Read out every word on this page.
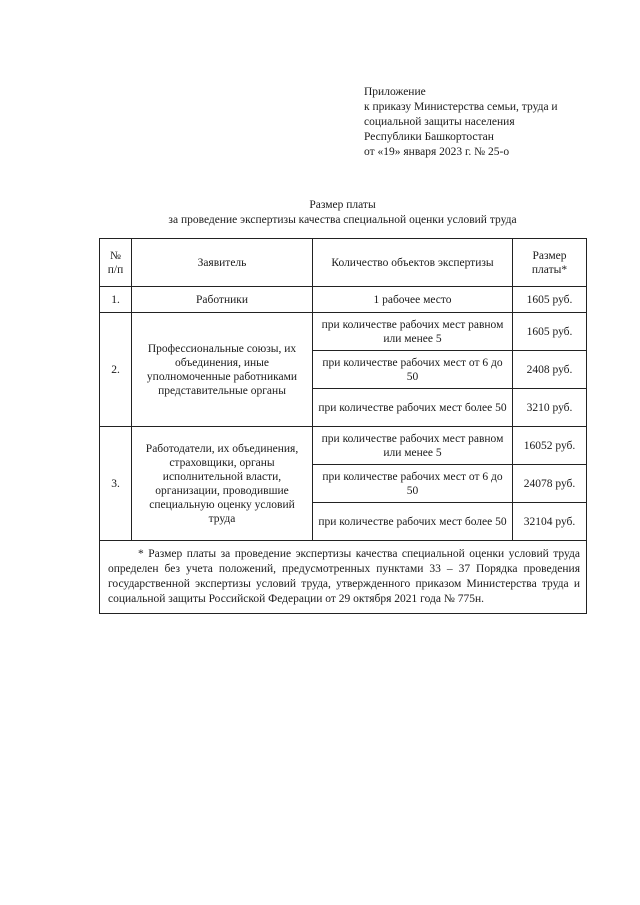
Приложение
к приказу Министерства семьи, труда и
социальной защиты населения
Республики Башкортостан
от «19» января 2023 г. № 25-о
Размер платы
за проведение экспертизы качества специальной оценки условий труда
№ п/п	Заявитель	Количество объектов экспертизы	Размер платы*
1.	Работники	1 рабочее место	1605 руб.
2.	Профессиональные союзы, их объединения, иные уполномоченные работниками представительные органы	при количестве рабочих мест равном или менее 5	1605 руб.
		при количестве рабочих мест от 6 до 50	2408 руб.
		при количестве рабочих мест более 50	3210 руб.
3.	Работодатели, их объединения, страховщики, органы исполнительной власти, организации, проводившие специальную оценку условий труда	при количестве рабочих мест равном или менее 5	16052 руб.
		при количестве рабочих мест от 6 до 50	24078 руб.
		при количестве рабочих мест более 50	32104 руб.

* Размер платы за проведение экспертизы качества специальной оценки условий труда определен без учета положений, предусмотренных пунктами 33 – 37 Порядка проведения государственной экспертизы условий труда, утвержденного приказом Министерства труда и социальной защиты Российской Федерации от 29 октября 2021 года № 775н.			
